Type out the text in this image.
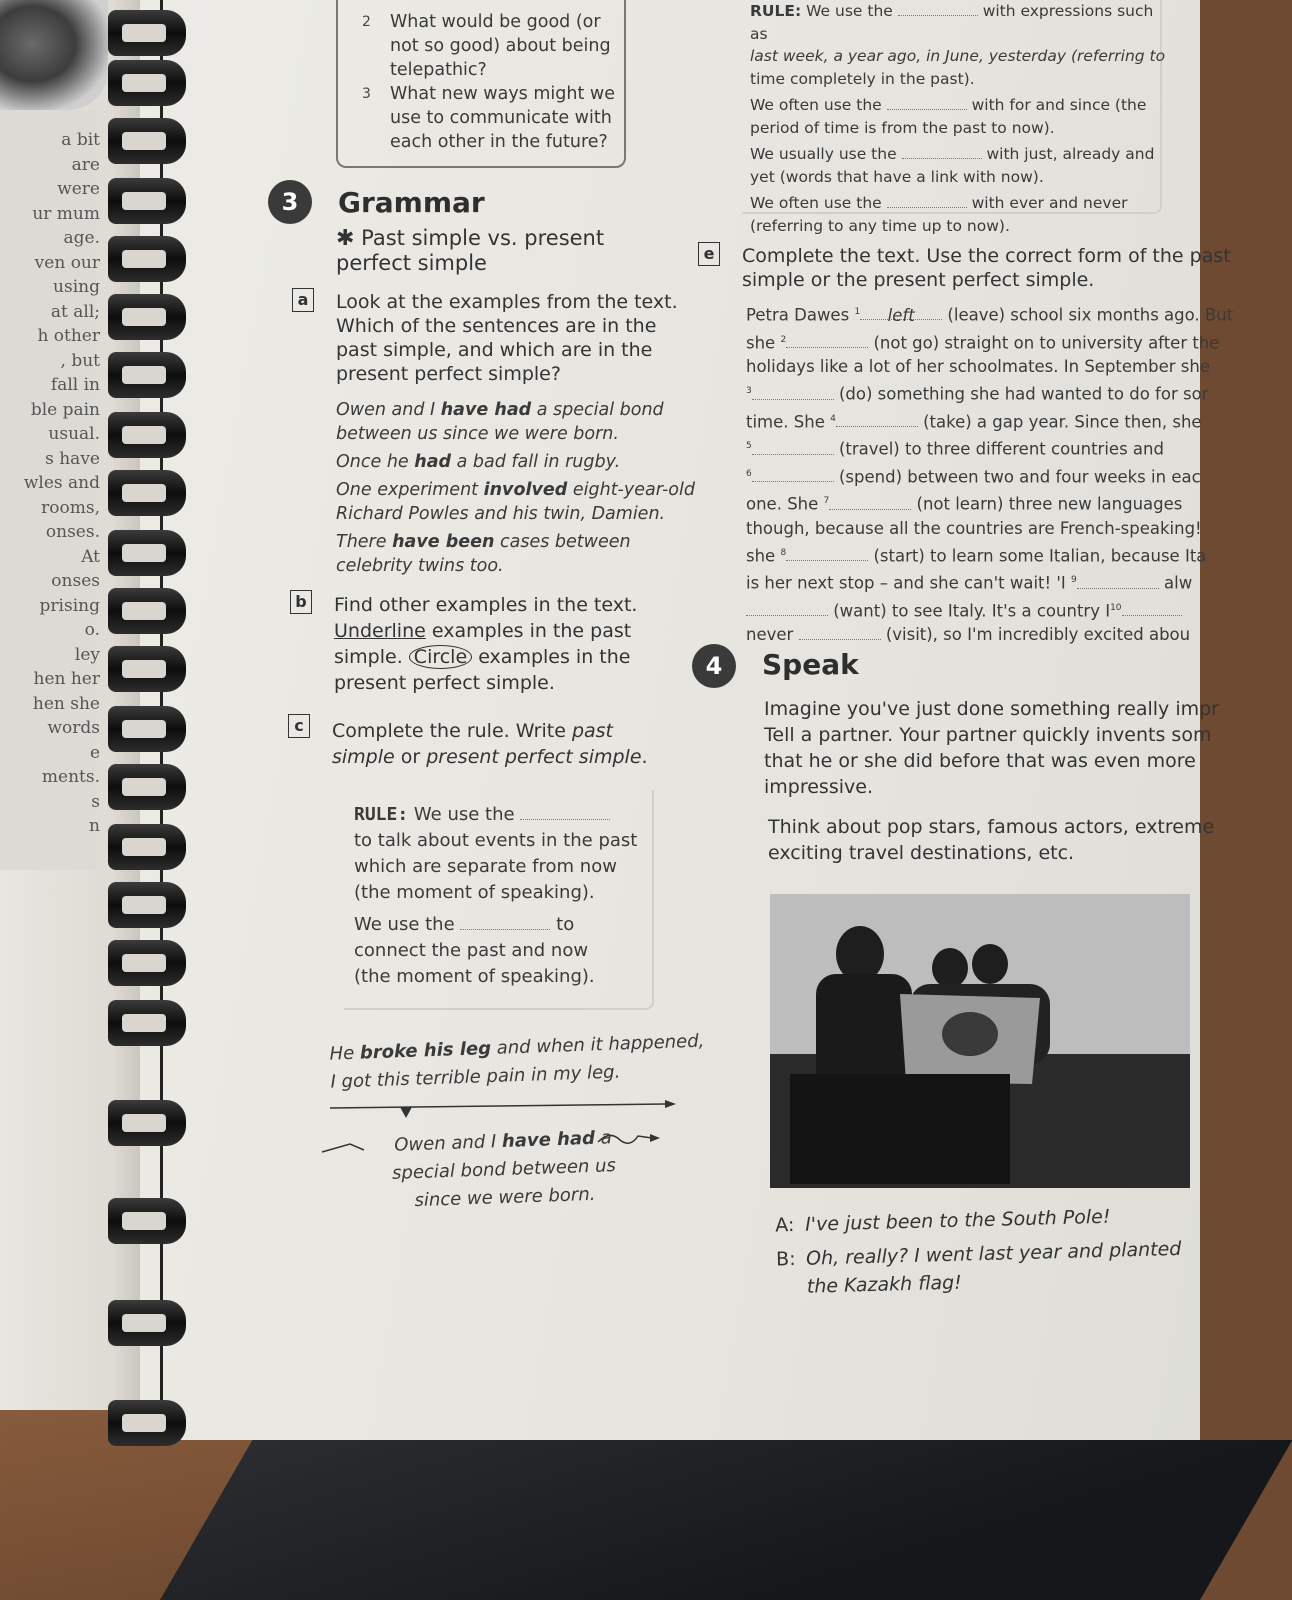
a bit
are
were
ur mum
age.
ven our
using
at all;
h other
, but
fall in
ble pain
usual.
s have
wles and
rooms,
onses.
At
onses
prising
o.
ley
hen her
hen she
words
e
ments.
s
n
2 What would be good (or
not so good) about being
telepathic?
3 What new ways might we
use to communicate with
each other in the future?
RULE: We use the	with expressions such as
last week, a year ago, in June, yesterday (referring to
time completely in the past).
We often use the	with for and since (the
period of time is from the past to now).
We usually use the	with just, already and
yet (words that have a link with now).
We often use the	with ever and never
(referring to any time up to now).
3	Grammar
✱ Past simple vs. present
perfect simple
a Look at the examples from the text.
Which of the sentences are in the
past simple, and which are in the
present perfect simple?
Owen and I have had a special bond
between us since we were born.
Once he had a bad fall in rugby.
One experiment involved eight-year-old
Richard Powles and his twin, Damien.
There have been cases between
celebrity twins too.
b Find other examples in the text.
Underline examples in the past
simple. Circle examples in the
present perfect simple.
c	Complete the rule. Write past
simple or present perfect simple.
RULE: We use the
to talk about events in the past
which are separate from now
(the moment of speaking).
We use the	to
connect the past and now
(the moment of speaking).
He broke his leg and when it happened,
I got this terrible pain in my leg.
Owen and I have had a
special bond between us
since we were born.
e Complete the text. Use the correct form of the past
simple or the present perfect simple.
Petra Dawes $^1$ left (leave) school six months ago. But
she $^2$	(not go) straight on to university after the
holidays like a lot of her schoolmates. In September she
$^3$	(do) something she had wanted to do for sor
time. She $^4$	(take) a gap year. Since then, she
$^5$	(travel) to three different countries and
$^6$	(spend) between two and four weeks in eac
one. She $^7$	(not learn) three new languages
though, because all the countries are French-speaking!
she $^8$	(start) to learn some Italian, because Ita
is her next stop – and she can't wait! 'I $^9$	alw
(want) to see Italy. It's a country $I^{10}$
never	(visit), so I'm incredibly excited abou
4	Speak
Imagine you've just done something really impr
Tell a partner. Your partner quickly invents som
that he or she did before that was even more
impressive.
Think about pop stars, famous actors, extreme
exciting travel destinations, etc.
A: I've just been to the South Pole!
B: Oh, really? I went last year and planted
the Kazakh flag!
